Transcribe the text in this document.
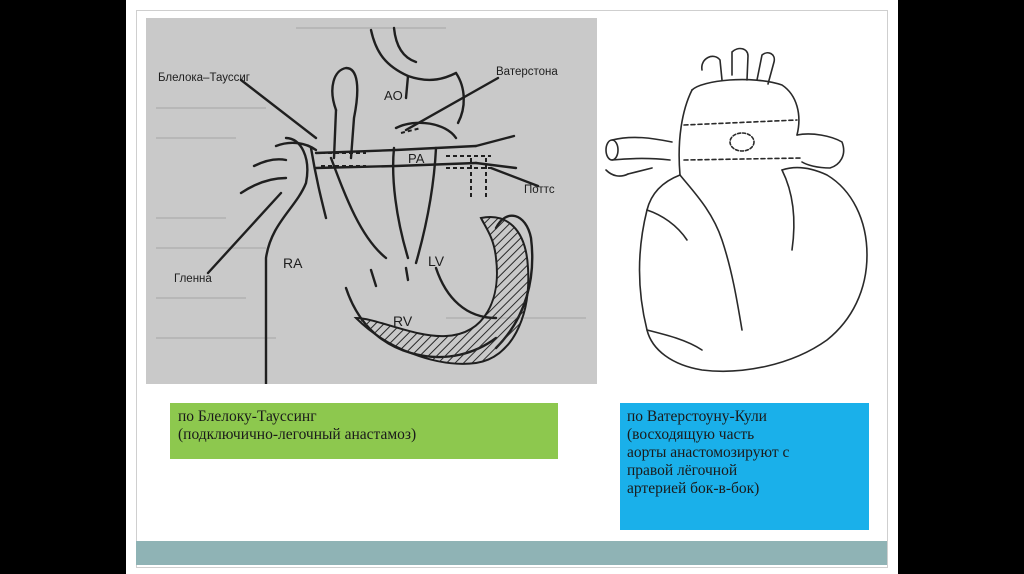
Блелока–Тауссиг	Ватерстона
AO
PA
Поттс
Гленна
RA	LV
RV
по Блелоку-Таусcинг
(подключично-легочный анастамоз)
по Ватерстоуну-Кули
(восходящую часть
аорты анастомозируют с
правой лёгочной
артерией бок-в-бок)
